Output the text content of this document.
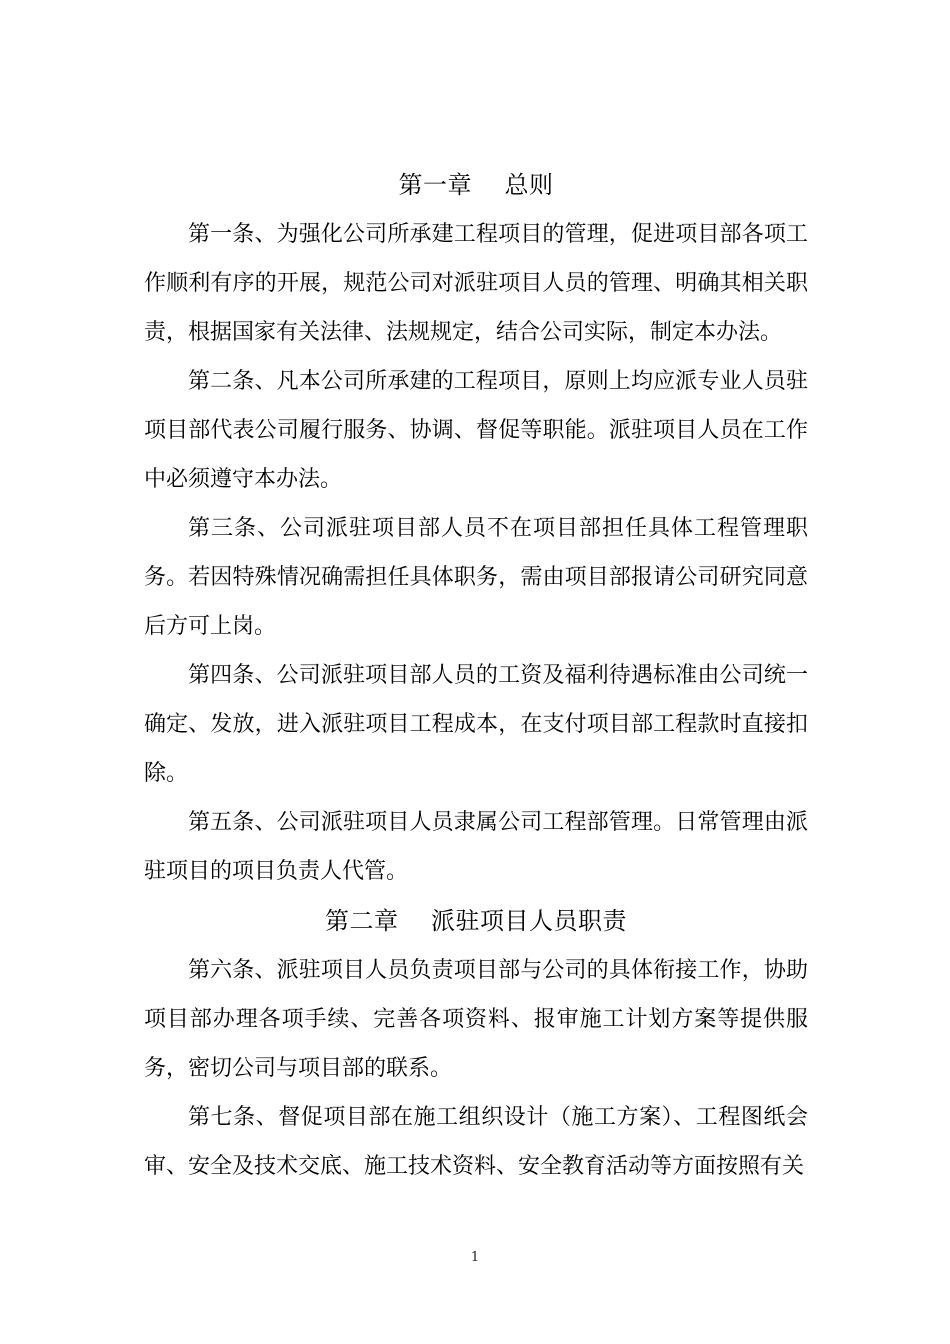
第一章    总则

第一条、为强化公司所承建工程项目的管理，促进项目部各项工作顺利有序的开展，规范公司对派驻项目人员的管理、明确其相关职责，根据国家有关法律、法规规定，结合公司实际，制定本办法。

第二条、凡本公司所承建的工程项目，原则上均应派专业人员驻项目部代表公司履行服务、协调、督促等职能。派驻项目人员在工作中必须遵守本办法。

第三条、公司派驻项目部人员不在项目部担任具体工程管理职务。若因特殊情况确需担任具体职务，需由项目部报请公司研究同意后方可上岗。

第四条、公司派驻项目部人员的工资及福利待遇标准由公司统一确定、发放，进入派驻项目工程成本，在支付项目部工程款时直接扣除。

第五条、公司派驻项目人员隶属公司工程部管理。日常管理由派驻项目的项目负责人代管。

第二章    派驻项目人员职责

第六条、派驻项目人员负责项目部与公司的具体衔接工作，协助项目部办理各项手续、完善各项资料、报审施工计划方案等提供服务，密切公司与项目部的联系。

第七条、督促项目部在施工组织设计（施工方案）、工程图纸会审、安全及技术交底、施工技术资料、安全教育活动等方面按照有关

1
